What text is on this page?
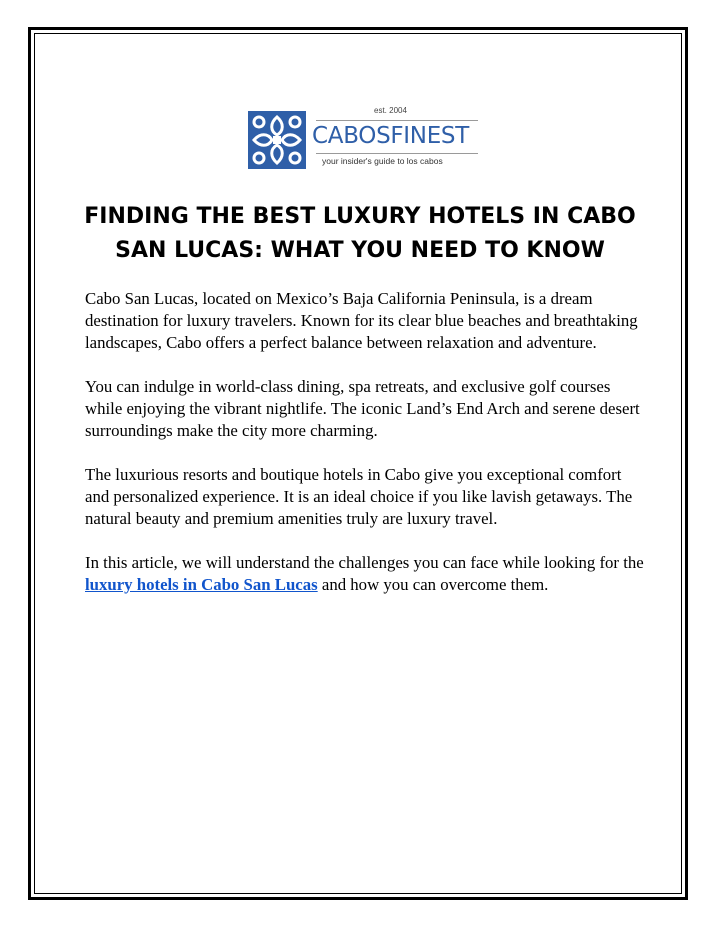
est. 2004
CABOSFINEST
your insider's guide to los cabos
FINDING THE BEST LUXURY HOTELS IN CABO
SAN LUCAS: WHAT YOU NEED TO KNOW

Cabo San Lucas, located on Mexico’s Baja California Peninsula, is a dream destination for luxury travelers. Known for its clear blue beaches and breathtaking landscapes, Cabo offers a perfect balance between relaxation and adventure.

You can indulge in world-class dining, spa retreats, and exclusive golf courses while enjoying the vibrant nightlife. The iconic Land’s End Arch and serene desert surroundings make the city more charming.

The luxurious resorts and boutique hotels in Cabo give you exceptional comfort and personalized experience. It is an ideal choice if you like lavish getaways. The natural beauty and premium amenities truly are luxury travel.

In this article, we will understand the challenges you can face while looking for the luxury hotels in Cabo San Lucas and how you can overcome them.
